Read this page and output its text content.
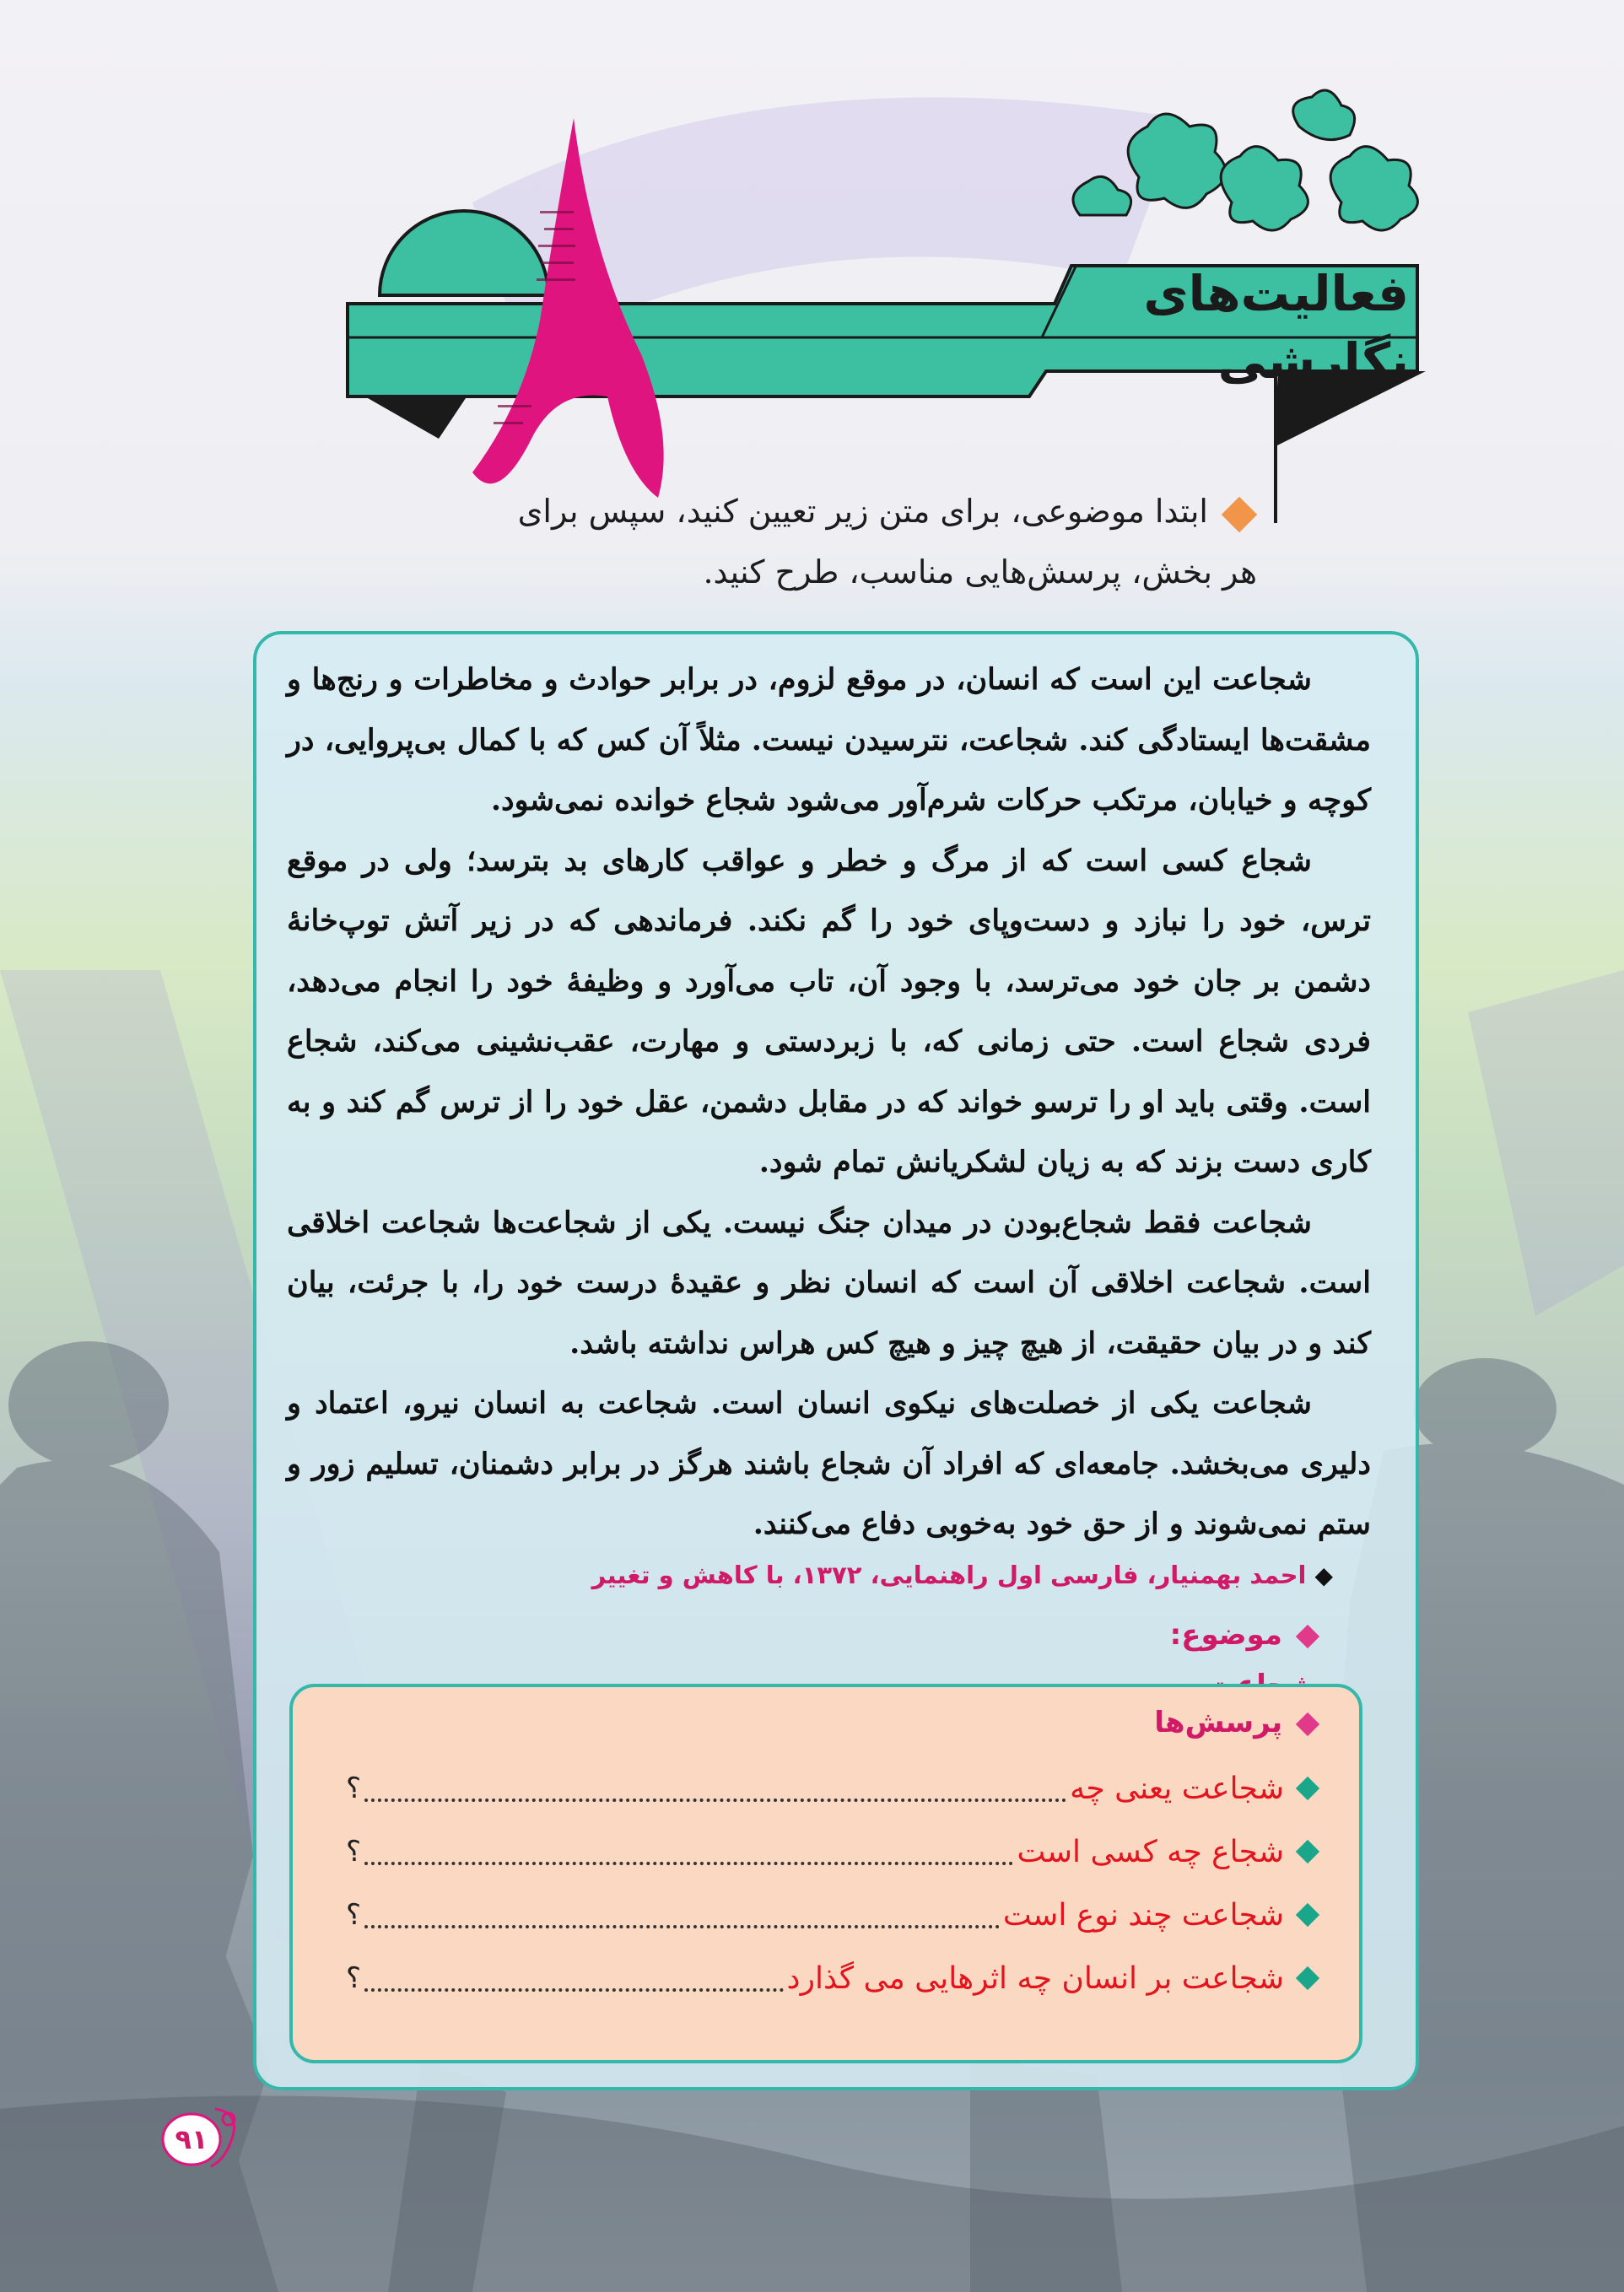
فعالیت‌های نگارشی
ابتدا موضوعی، برای متن زیر تعیین کنید، سپس برای
هر بخش، پرسش‌هایی مناسب، طرح کنید.

شجاعت این است که انسان، در موقع لزوم، در برابر حوادث و مخاطرات و رنج‌ها و مشقت‌ها ایستادگی کند. شجاعت، نترسیدن نیست. مثلاً آن کس که با کمال بی‌پروایی، در کوچه و خیابان، مرتکب حرکات شرم‌آور می‌شود شجاع خوانده نمی‌شود.

شجاع کسی است که از مرگ و خطر و عواقب کارهای بد بترسد؛ ولی در موقع ترس، خود را نبازد و دست‌وپای خود را گم نکند. فرماندهی که در زیر آتش توپ‌خانهٔ دشمن بر جان خود می‌ترسد، با وجود آن، تاب می‌آورد و وظیفهٔ خود را انجام می‌دهد، فردی شجاع است. حتی زمانی که، با زبردستی و مهارت، عقب‌نشینی می‌کند، شجاع است. وقتی باید او را ترسو خواند که در مقابل دشمن، عقل خود را از ترس گم کند و به کاری دست بزند که به زیان لشکریانش تمام شود.

شجاعت فقط شجاع‌بودن در میدان جنگ نیست. یکی از شجاعت‌ها شجاعت اخلاقی است. شجاعت اخلاقی آن است که انسان نظر و عقیدهٔ درست خود را، با جرئت، بیان کند و در بیان حقیقت، از هیچ چیز و هیچ کس هراس نداشته باشد.

شجاعت یکی از خصلت‌های نیکوی انسان است. شجاعت به انسان نیرو، اعتماد و دلیری می‌بخشد. جامعه‌ای که افراد آن شجاع باشند هرگز در برابر دشمنان، تسلیم زور و ستم نمی‌شوند و از حق خود به‌خوبی دفاع می‌کنند.

◆احمد بهمنیار، فارسی اول راهنمایی، ۱۳۷۲، با کاهش و تغییر
موضوع:
پرسش‌ها
شجاعت یعنی چه
؟
شجاع چه کسی است
؟
شجاعت چند نوع است
؟
شجاعت بر انسان چه اثرهایی می گذارد
؟
۹۱
